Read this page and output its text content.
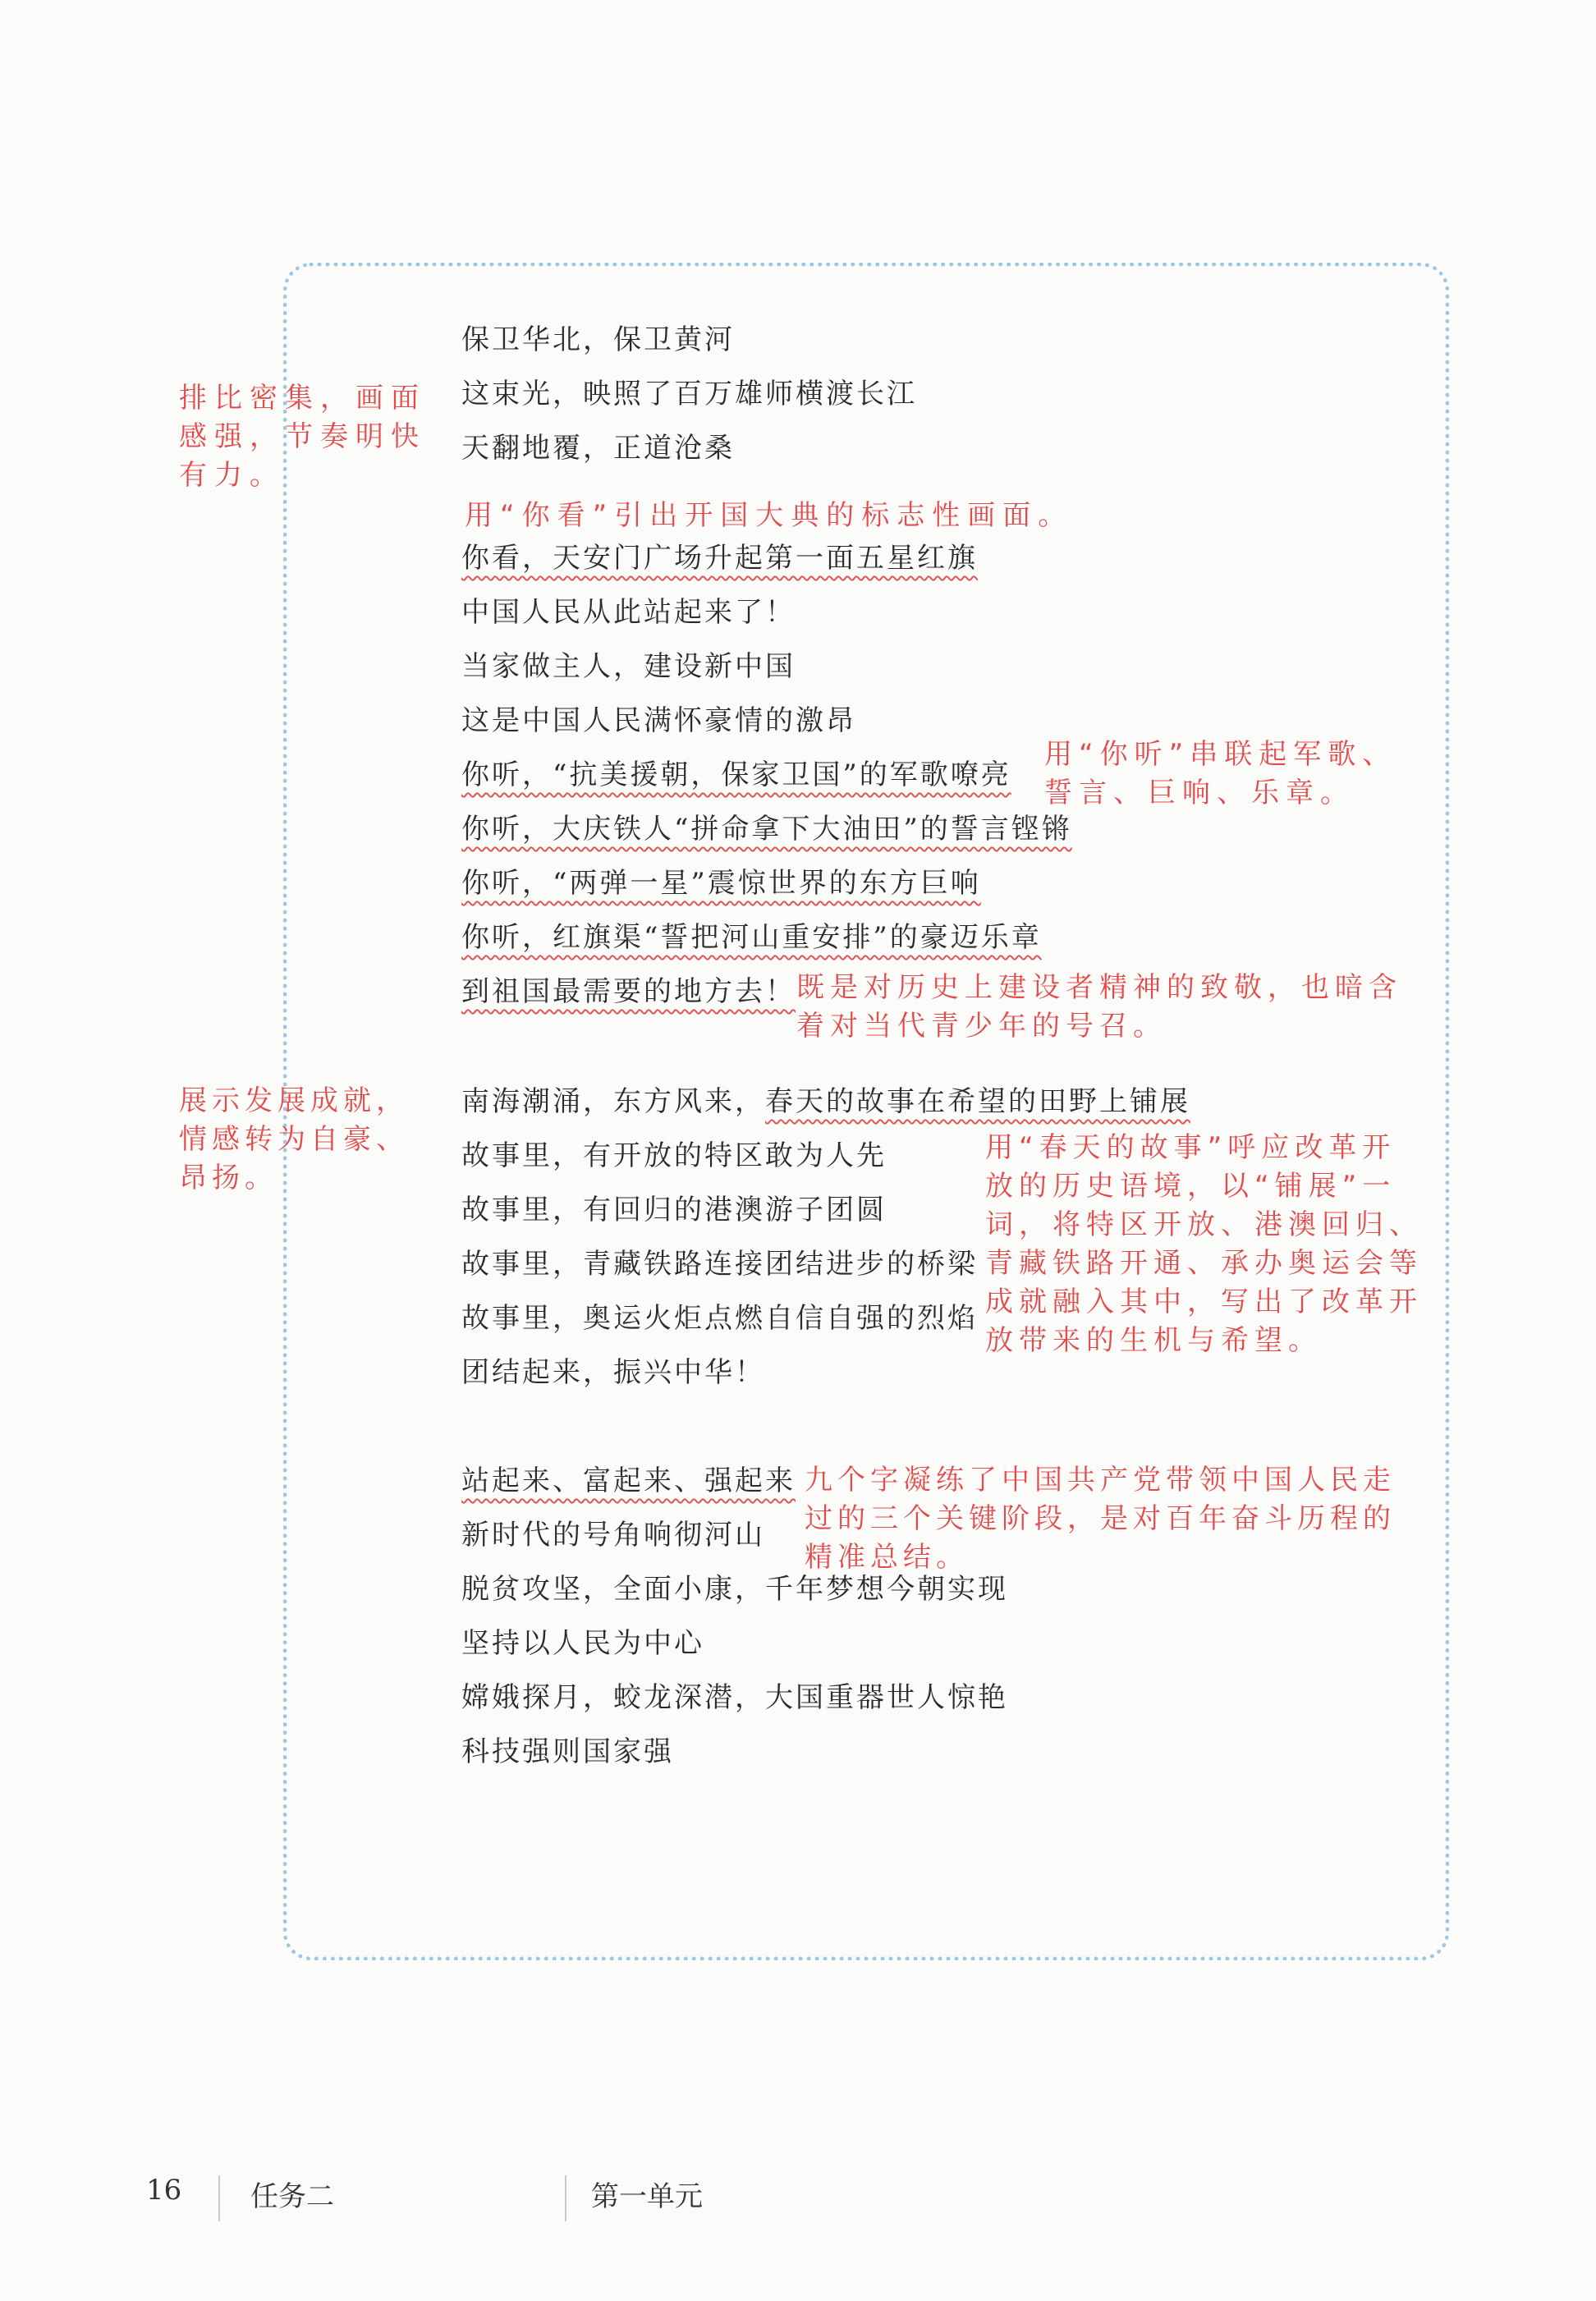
保卫华北，保卫黄河
这束光，映照了百万雄师横渡长江
天翻地覆，正道沧桑
你看，天安门广场升起第一面五星红旗
中国人民从此站起来了！
当家做主人，建设新中国
这是中国人民满怀豪情的激昂
你听，“抗美援朝，保家卫国”的军歌嘹亮
你听，大庆铁人“拼命拿下大油田”的誓言铿锵
你听，“两弹一星”震惊世界的东方巨响
你听，红旗渠“誓把河山重安排”的豪迈乐章
到祖国最需要的地方去！
南海潮涌，东方风来，春天的故事在希望的田野上铺展
故事里，有开放的特区敢为人先
故事里，有回归的港澳游子团圆
故事里，青藏铁路连接团结进步的桥梁
故事里，奥运火炬点燃自信自强的烈焰
团结起来，振兴中华！
站起来、富起来、强起来
新时代的号角响彻河山
脱贫攻坚，全面小康，千年梦想今朝实现
坚持以人民为中心
嫦娥探月，蛟龙深潜，大国重器世人惊艳
科技强则国家强
排比密集，画面
感强，节奏明快
有力。
用“你看”引出开国大典的标志性画面。
用“你听”串联起军歌、
誓言、巨响、乐章。
既是对历史上建设者精神的致敬，也暗含
着对当代青少年的号召。
展示发展成就，
情感转为自豪、
昂扬。
用“春天的故事”呼应改革开
放的历史语境，以“铺展”一
词，将特区开放、港澳回归、
青藏铁路开通、承办奥运会等
成就融入其中，写出了改革开
放带来的生机与希望。
九个字凝练了中国共产党带领中国人民走
过的三个关键阶段，是对百年奋斗历程的
精准总结。
16 任务二	第一单元
